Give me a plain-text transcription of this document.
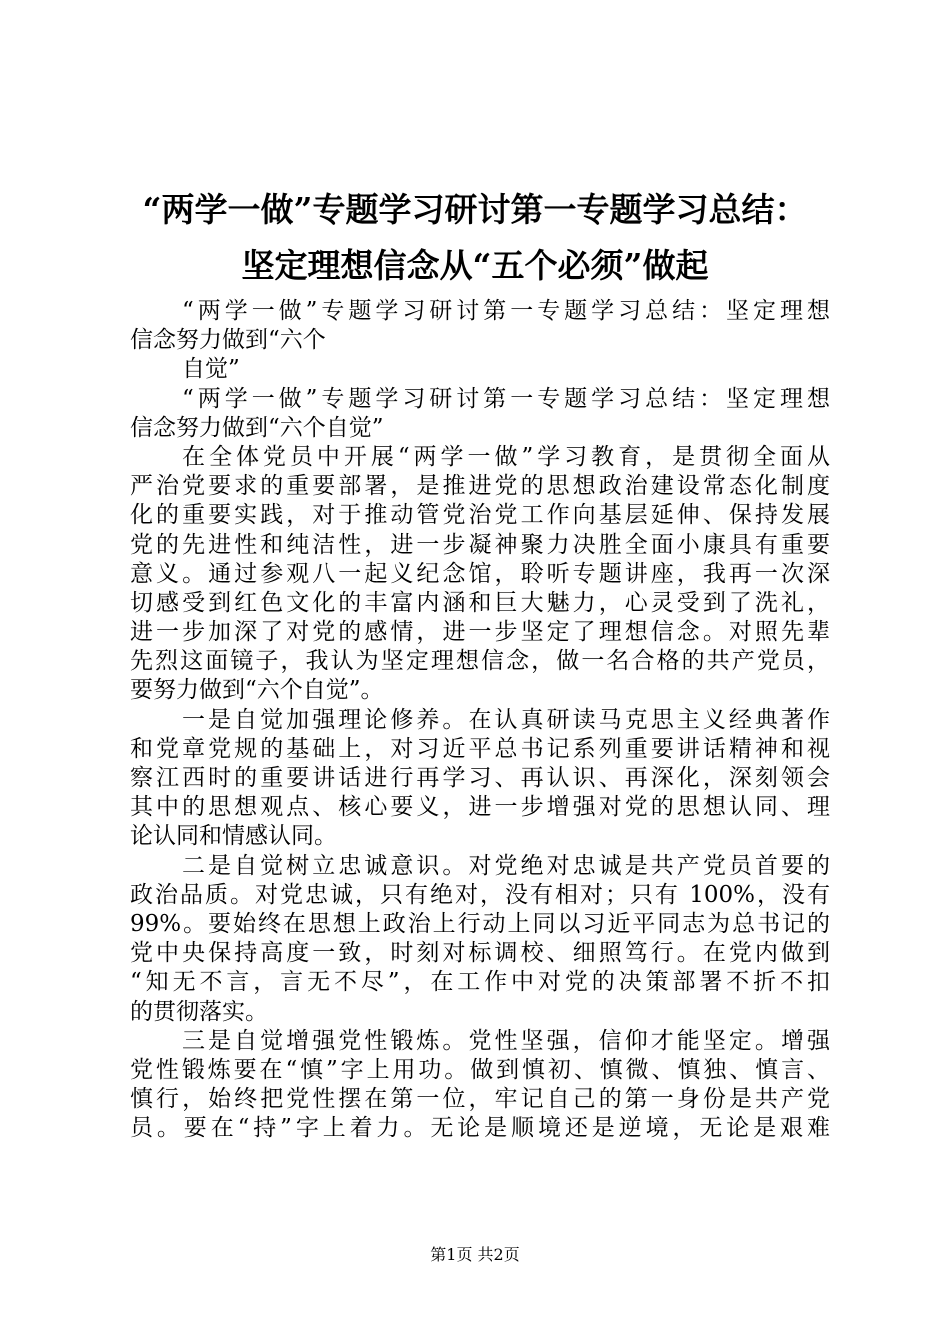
“两学一做”专题学习研讨第一专题学习总结：
坚定理想信念从“五个必须”做起
“两学一做”专题学习研讨第一专题学习总结：坚定理想
信念努力做到“六个
自觉”
“两学一做”专题学习研讨第一专题学习总结：坚定理想
信念努力做到“六个自觉”
在全体党员中开展“两学一做”学习教育，是贯彻全面从
严治党要求的重要部署，是推进党的思想政治建设常态化制度
化的重要实践，对于推动管党治党工作向基层延伸、保持发展
党的先进性和纯洁性，进一步凝神聚力决胜全面小康具有重要
意义。通过参观八一起义纪念馆，聆听专题讲座，我再一次深
切感受到红色文化的丰富内涵和巨大魅力，心灵受到了洗礼，
进一步加深了对党的感情，进一步坚定了理想信念。对照先辈
先烈这面镜子，我认为坚定理想信念，做一名合格的共产党员，
要努力做到“六个自觉”。
一是自觉加强理论修养。在认真研读马克思主义经典著作
和党章党规的基础上，对习近平总书记系列重要讲话精神和视
察江西时的重要讲话进行再学习、再认识、再深化，深刻领会
其中的思想观点、核心要义，进一步增强对党的思想认同、理
论认同和情感认同。
二是自觉树立忠诚意识。对党绝对忠诚是共产党员首要的
政治品质。对党忠诚，只有绝对，没有相对；只有 100%，没有
99%。要始终在思想上政治上行动上同以习近平同志为总书记的
党中央保持高度一致，时刻对标调校、细照笃行。在党内做到
“知无不言，言无不尽”，在工作中对党的决策部署不折不扣
的贯彻落实。
三是自觉增强党性锻炼。党性坚强，信仰才能坚定。增强
党性锻炼要在“慎”字上用功。做到慎初、慎微、慎独、慎言、
慎行，始终把党性摆在第一位，牢记自己的第一身份是共产党
员。要在“持”字上着力。无论是顺境还是逆境，无论是艰难
第1页 共2页
